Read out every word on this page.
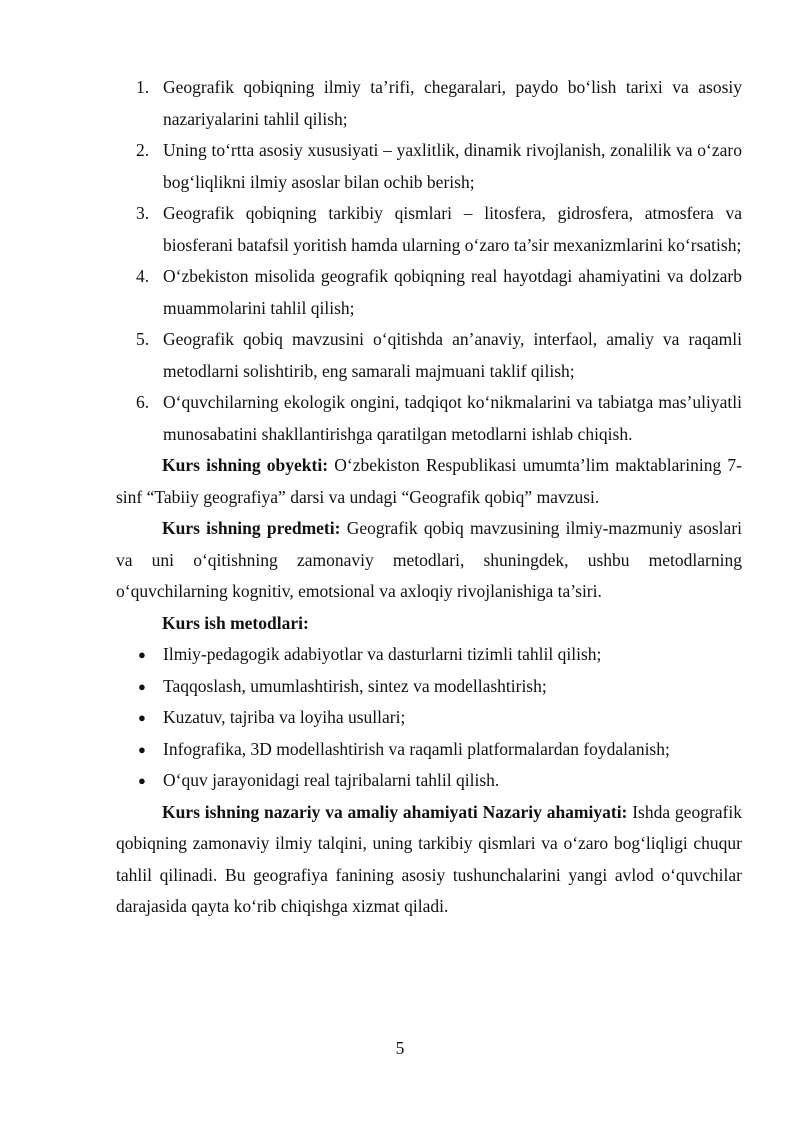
1. Geografik qobiqning ilmiy ta’rifi, chegaralari, paydo bo‘lish tarixi va asosiy nazariyalarini tahlil qilish;
2. Uning to‘rtta asosiy xususiyati – yaxlitlik, dinamik rivojlanish, zonalilik va o‘zaro bog‘liqlikni ilmiy asoslar bilan ochib berish;
3. Geografik qobiqning tarkibiy qismlari – litosfera, gidrosfera, atmosfera va biosferani batafsil yoritish hamda ularning o‘zaro ta’sir mexanizmlarini ko‘rsatish;
4. O‘zbekiston misolida geografik qobiqning real hayotdagi ahamiyatini va dolzarb muammolarini tahlil qilish;
5. Geografik qobiq mavzusini o‘qitishda an’anaviy, interfaol, amaliy va raqamli metodlarni solishtirib, eng samarali majmuani taklif qilish;
6. O‘quvchilarning ekologik ongini, tadqiqot ko‘nikmalarini va tabiatga mas’uliyatli munosabatini shakllantirishga qaratilgan metodlarni ishlab chiqish.

Kurs ishning obyekti: O‘zbekiston Respublikasi umumta’lim maktablarining 7-sinf “Tabiiy geografiya” darsi va undagi “Geografik qobiq” mavzusi.

Kurs ishning predmeti: Geografik qobiq mavzusining ilmiy-mazmuniy asoslari va uni o‘qitishning zamonaviy metodlari, shuningdek, ushbu metodlarning o‘quvchilarning kognitiv, emotsional va axloqiy rivojlanishiga ta’siri.

Kurs ish metodlari:

● Ilmiy-pedagogik adabiyotlar va dasturlarni tizimli tahlil qilish;
● Taqqoslash, umumlashtirish, sintez va modellashtirish;
● Kuzatuv, tajriba va loyiha usullari;
● Infografika, 3D modellashtirish va raqamli platformalardan foydalanish;
● O‘quv jarayonidagi real tajribalarni tahlil qilish.

Kurs ishning nazariy va amaliy ahamiyati Nazariy ahamiyati: Ishda geografik qobiqning zamonaviy ilmiy talqini, uning tarkibiy qismlari va o‘zaro bog‘liqligi chuqur tahlil qilinadi. Bu geografiya fanining asosiy tushunchalarini yangi avlod o‘quvchilar darajasida qayta ko‘rib chiqishga xizmat qiladi.

5
